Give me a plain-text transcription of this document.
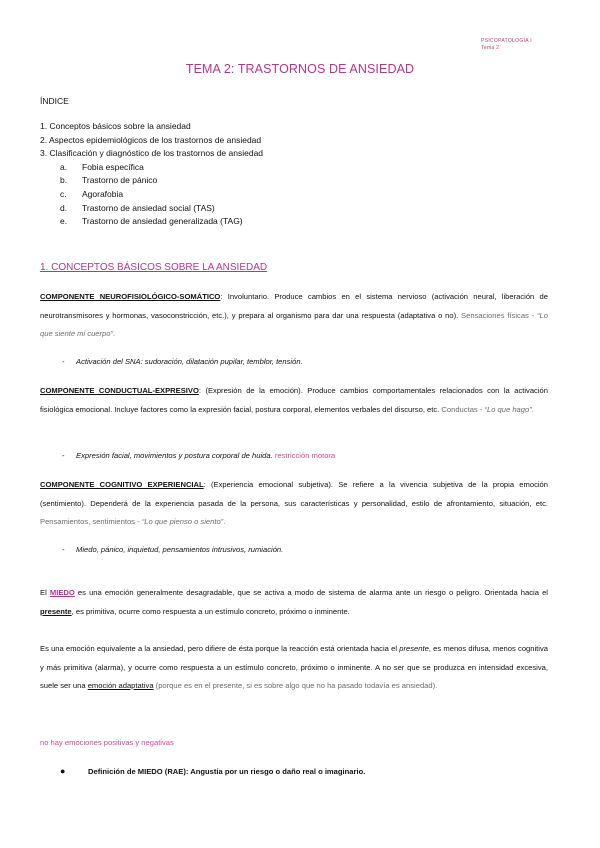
PSICOPATOLOGÍA I
Tema 2
TEMA 2: TRASTORNOS DE ANSIEDAD
ÍNDICE
1. Conceptos básicos sobre la ansiedad
2. Aspectos epidemiológicos de los trastornos de ansiedad
3. Clasificación y diagnóstico de los trastornos de ansiedad
a. Fobia específica
b. Trastorno de pánico
c. Agorafobia
d. Trastorno de ansiedad social (TAS)
e. Trastorno de ansiedad generalizada (TAG)
1. CONCEPTOS BÁSICOS SOBRE LA ANSIEDAD
COMPONENTE NEUROFISIOLÓGICO-SOMÁTICO: Involuntario. Produce cambios en el sistema nervioso (activación neural, liberación de neurotransmisores y hormonas, vasoconstricción, etc.), y prepara al organismo para dar una respuesta (adaptativa o no). Sensaciones físicas - “Lo que siente mi cuerpo”.
- Activación del SNA: sudoración, dilatación pupilar, temblor, tensión.
COMPONENTE CONDUCTUAL-EXPRESIVO: (Expresión de la emoción). Produce cambios comportamentales relacionados con la activación fisiológica emocional. Incluye factores como la expresión facial, postura corporal, elementos verbales del discurso, etc. Conductas - “Lo que hago”.
- Expresión facial, movimientos y postura corporal de huida. restricción motora
COMPONENTE COGNITIVO EXPERIENCIAL: (Experiencia emocional subjetiva). Se refiere a la vivencia subjetiva de la propia emoción (sentimiento). Dependerá de la experiencia pasada de la persona, sus características y personalidad, estilo de afrontamiento, situación, etc. Pensamientos, sentimientos - “Lo que pienso o siento”.
- Miedo, pánico, inquietud, pensamientos intrusivos, rumiación.
El MIEDO es una emoción generalmente desagradable, que se activa a modo de sistema de alarma ante un riesgo o peligro. Orientada hacia el presente, es primitiva, ocurre como respuesta a un estímulo concreto, próximo o inminente.
Es una emoción equivalente a la ansiedad, pero difiere de ésta porque la reacción está orientada hacia el presente, es menos difusa, menos cognitiva y más primitiva (alarma), y ocurre como respuesta a un estímulo concreto, próximo o inminente. A no ser que se produzca en intensidad excesiva, suele ser una emoción adaptativa (porque es en el presente, si es sobre algo que no ha pasado todavía es ansiedad).
no hay emociones positivas y negativas
●	Definición de MIEDO (RAE): Angustia por un riesgo o daño real o imaginario.
